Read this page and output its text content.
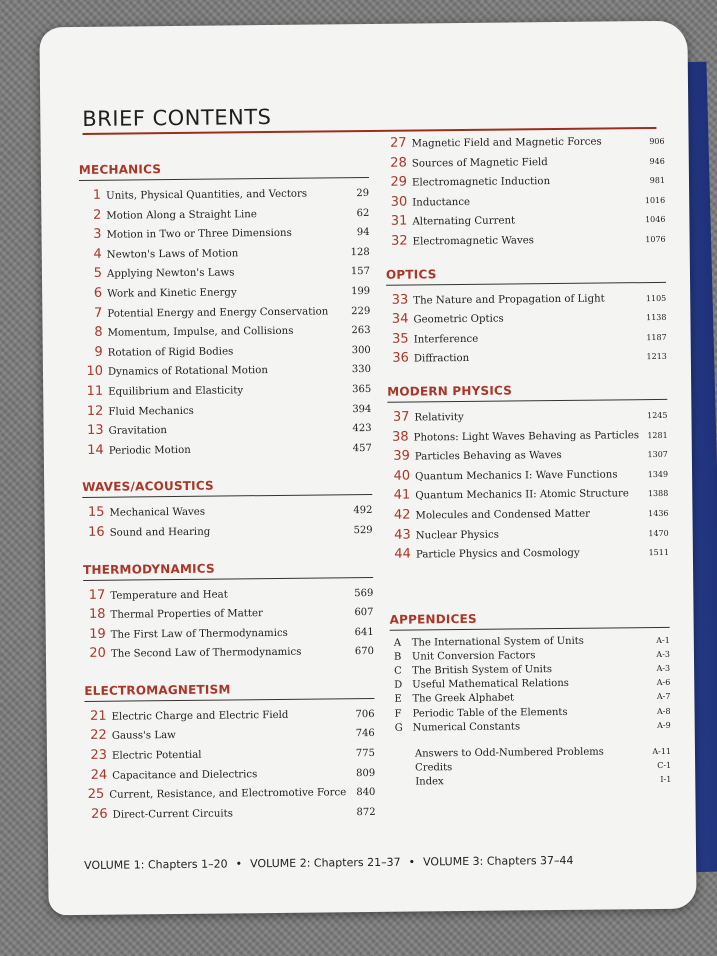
BRIEF CONTENTS
MECHANICS
1 Units, Physical Quantities, and Vectors	29
2 Motion Along a Straight Line	62
3 Motion in Two or Three Dimensions	94
4 Newton's Laws of Motion	128
5 Applying Newton's Laws	157
6 Work and Kinetic Energy	199
7 Potential Energy and Energy Conservation	229
8 Momentum, Impulse, and Collisions	263
9 Rotation of Rigid Bodies	300
10 Dynamics of Rotational Motion	330
11 Equilibrium and Elasticity	365
12 Fluid Mechanics	394
13 Gravitation	423
14 Periodic Motion	457
WAVES/ACOUSTICS
15 Mechanical Waves	492
16 Sound and Hearing	529
THERMODYNAMICS
17 Temperature and Heat	569
18 Thermal Properties of Matter	607
19 The First Law of Thermodynamics	641
20 The Second Law of Thermodynamics	670
ELECTROMAGNETISM
21 Electric Charge and Electric Field	706
22 Gauss's Law	746
23 Electric Potential	775
24 Capacitance and Dielectrics	809
25 Current, Resistance, and Electromotive Force 840
26 Direct-Current Circuits	872
27 Magnetic Field and Magnetic Forces	906
28 Sources of Magnetic Field	946
29 Electromagnetic Induction	981
30 Inductance	1016
31 Alternating Current	1046
32 Electromagnetic Waves	1076
OPTICS
33 The Nature and Propagation of Light	1105
34 Geometric Optics	1138
35 Interference	1187
36 Diffraction	1213
MODERN PHYSICS
37 Relativity	1245
38 Photons: Light Waves Behaving as Particles	1281
39 Particles Behaving as Waves	1307
40 Quantum Mechanics I: Wave Functions	1349
41 Quantum Mechanics II: Atomic Structure	1388
42 Molecules and Condensed Matter	1436
43 Nuclear Physics	1470
44 Particle Physics and Cosmology	1511
APPENDICES
A	The International System of Units	A-1
B	Unit Conversion Factors	A-3
C	The British System of Units	A-3
D Useful Mathematical Relations	A-6
E	The Greek Alphabet	A-7
F	Periodic Table of the Elements	A-8
G Numerical Constants	A-9
Answers to Odd-Numbered Problems	A-11
Credits	C-1
Index	I-1
VOLUME 1: Chapters 1–20 • VOLUME 2: Chapters 21–37 • VOLUME 3: Chapters 37–44
